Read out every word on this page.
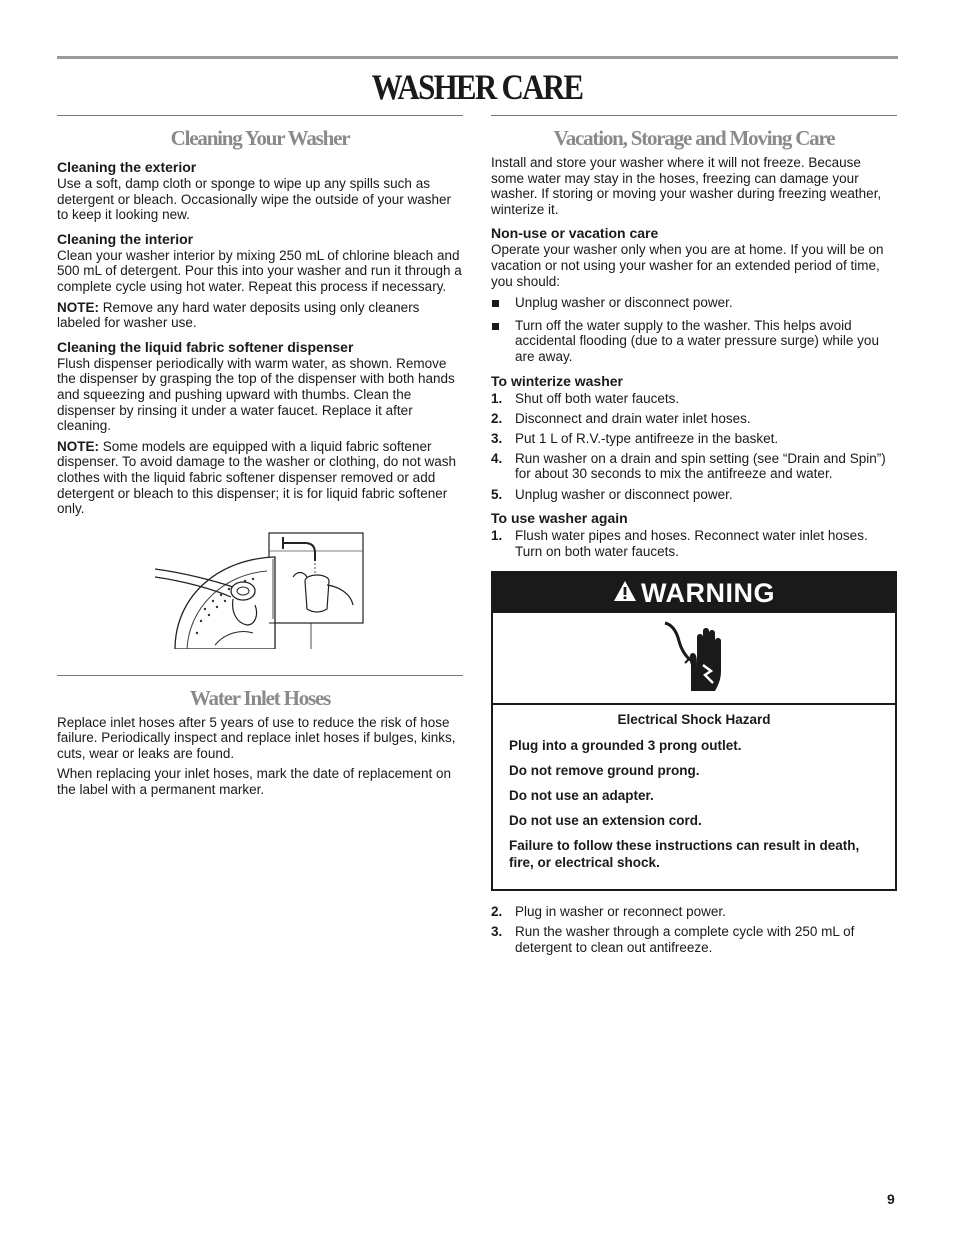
WASHER CARE
Cleaning Your Washer
Cleaning the exterior

Use a soft, damp cloth or sponge to wipe up any spills such as detergent or bleach. Occasionally wipe the outside of your washer to keep it looking new.

Cleaning the interior

Clean your washer interior by mixing 250 mL of chlorine bleach and 500 mL of detergent. Pour this into your washer and run it through a complete cycle using hot water. Repeat this process if necessary.

NOTE: Remove any hard water deposits using only cleaners labeled for washer use.

Cleaning the liquid fabric softener dispenser

Flush dispenser periodically with warm water, as shown. Remove the dispenser by grasping the top of the dispenser with both hands and squeezing and pushing upward with thumbs. Clean the dispenser by rinsing it under a water faucet. Replace it after cleaning.

NOTE: Some models are equipped with a liquid fabric softener dispenser. To avoid damage to the washer or clothing, do not wash clothes with the liquid fabric softener dispenser removed or add detergent or bleach to this dispenser; it is for liquid fabric softener only.

Water Inlet Hoses

Replace inlet hoses after 5 years of use to reduce the risk of hose failure. Periodically inspect and replace inlet hoses if bulges, kinks, cuts, wear or leaks are found.

When replacing your inlet hoses, mark the date of replacement on the label with a permanent marker.

Vacation, Storage and Moving Care

Install and store your washer where it will not freeze. Because some water may stay in the hoses, freezing can damage your washer. If storing or moving your washer during freezing weather, winterize it.

Non-use or vacation care

Operate your washer only when you are at home. If you will be on vacation or not using your washer for an extended period of time, you should:

Unplug washer or disconnect power.
Turn off the water supply to the washer. This helps avoid accidental flooding (due to a water pressure surge) while you are away.
To winterize washer
1. Shut off both water faucets.
2. Disconnect and drain water inlet hoses.
3. Put 1 L of R.V.-type antifreeze in the basket.
4. Run washer on a drain and spin setting (see “Drain and Spin”) for about 30 seconds to mix the antifreeze and water.
5. Unplug washer or disconnect power.
To use washer again
1. Flush water pipes and hoses. Reconnect water inlet hoses. Turn on both water faucets.
WARNING

Electrical Shock Hazard

Plug into a grounded 3 prong outlet.

Do not remove ground prong.

Do not use an adapter.

Do not use an extension cord.

Failure to follow these instructions can result in death, fire, or electrical shock.

2. Plug in washer or reconnect power.
3. Run the washer through a complete cycle with 250 mL of detergent to clean out antifreeze.
9
